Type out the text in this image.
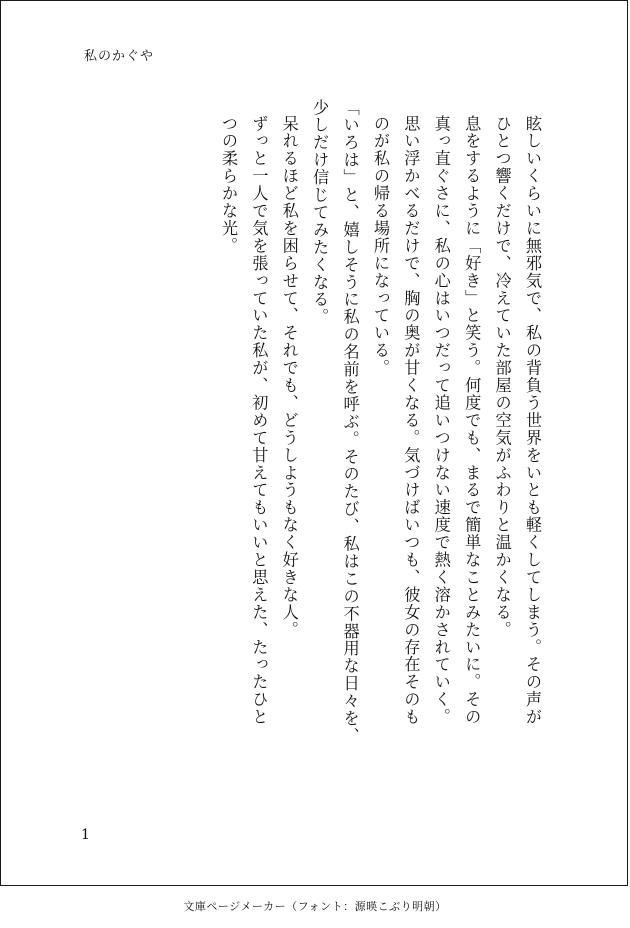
私のかぐや
眩しいくらいに無邪気で、私の背負う世界をいとも軽くしてしまう。その声が
ひとつ響くだけで、冷えていた部屋の空気がふわりと温かくなる。
息をするように「好き」と笑う。何度でも、まるで簡単なことみたいに。その
真っ直ぐさに、私の心はいつだって追いつけない速度で熱く溶かされていく。
思い浮かべるだけで、胸の奥が甘くなる。気づけばいつも、彼女の存在そのも
のが私の帰る場所になっている。
「いろは」と、嬉しそうに私の名前を呼ぶ。そのたび、私はこの不器用な日々を、
少しだけ信じてみたくなる。
呆れるほど私を困らせて、それでも、どうしようもなく好きな人。
ずっと一人で気を張っていた私が、初めて甘えてもいいと思えた、たったひと
つの柔らかな光。
1
文庫ページメーカー（フォント：源暎こぶり明朝）
